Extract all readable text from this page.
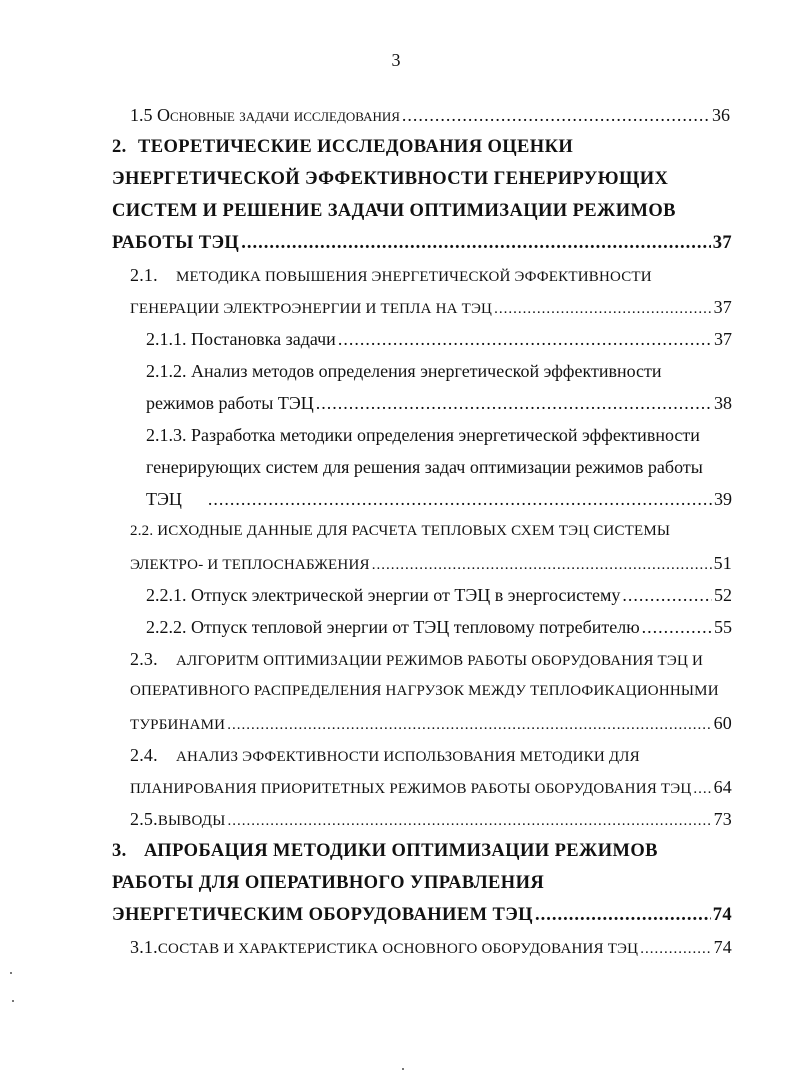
3
1.5 Основные задачи исследования .....	36
2. ТЕОРЕТИЧЕСКИЕ ИССЛЕДОВАНИЯ ОЦЕНКИ
ЭНЕРГЕТИЧЕСКОЙ ЭФФЕКТИВНОСТИ ГЕНЕРИРУЮЩИХ
СИСТЕМ И РЕШЕНИЕ ЗАДАЧИ ОПТИМИЗАЦИИ РЕЖИМОВ
РАБОТЫ ТЭЦ .....	37
2.1.	МЕТОДИКА ПОВЫШЕНИЯ ЭНЕРГЕТИЧЕСКОЙ ЭФФЕКТИВНОСТИ
ГЕНЕРАЦИИ ЭЛЕКТРОЭНЕРГИИ И ТЕПЛА НА ТЭЦ .....	37
2.1.1. Постановка задачи .....	37
2.1.2. Анализ методов определения энергетической эффективности
режимов работы ТЭЦ .....	38
2.1.3. Разработка методики определения энергетической эффективности
генерирующих систем для решения задач оптимизации режимов работы
ТЭЦ .....	39
2.2. ИСХОДНЫЕ ДАННЫЕ ДЛЯ РАСЧЕТА ТЕПЛОВЫХ СХЕМ ТЭЦ СИСТЕМЫ
ЭЛЕКТРО- И ТЕПЛОСНАБЖЕНИЯ .....	51
2.2.1. Отпуск электрической энергии от ТЭЦ в энергосистему .....	52
2.2.2. Отпуск тепловой энергии от ТЭЦ тепловому потребителю .....	55
2.3.	АЛГОРИТМ ОПТИМИЗАЦИИ РЕЖИМОВ РАБОТЫ ОБОРУДОВАНИЯ ТЭЦ И
ОПЕРАТИВНОГО РАСПРЕДЕЛЕНИЯ НАГРУЗОК МЕЖДУ ТЕПЛОФИКАЦИОННЫМИ
ТУРБИНАМИ .....	60
2.4.	АНАЛИЗ ЭФФЕКТИВНОСТИ ИСПОЛЬЗОВАНИЯ МЕТОДИКИ ДЛЯ
ПЛАНИРОВАНИЯ ПРИОРИТЕТНЫХ РЕЖИМОВ РАБОТЫ ОБОРУДОВАНИЯ ТЭЦ ..... 64
2.5. ВЫВОДЫ .....	73
3. АПРОБАЦИЯ МЕТОДИКИ ОПТИМИЗАЦИИ РЕЖИМОВ
РАБОТЫ ДЛЯ ОПЕРАТИВНОГО УПРАВЛЕНИЯ
ЭНЕРГЕТИЧЕСКИМ ОБОРУДОВАНИЕМ ТЭЦ .....	74
3.1. СОСТАВ И ХАРАКТЕРИСТИКА ОСНОВНОГО ОБОРУДОВАНИЯ ТЭЦ .....	74
